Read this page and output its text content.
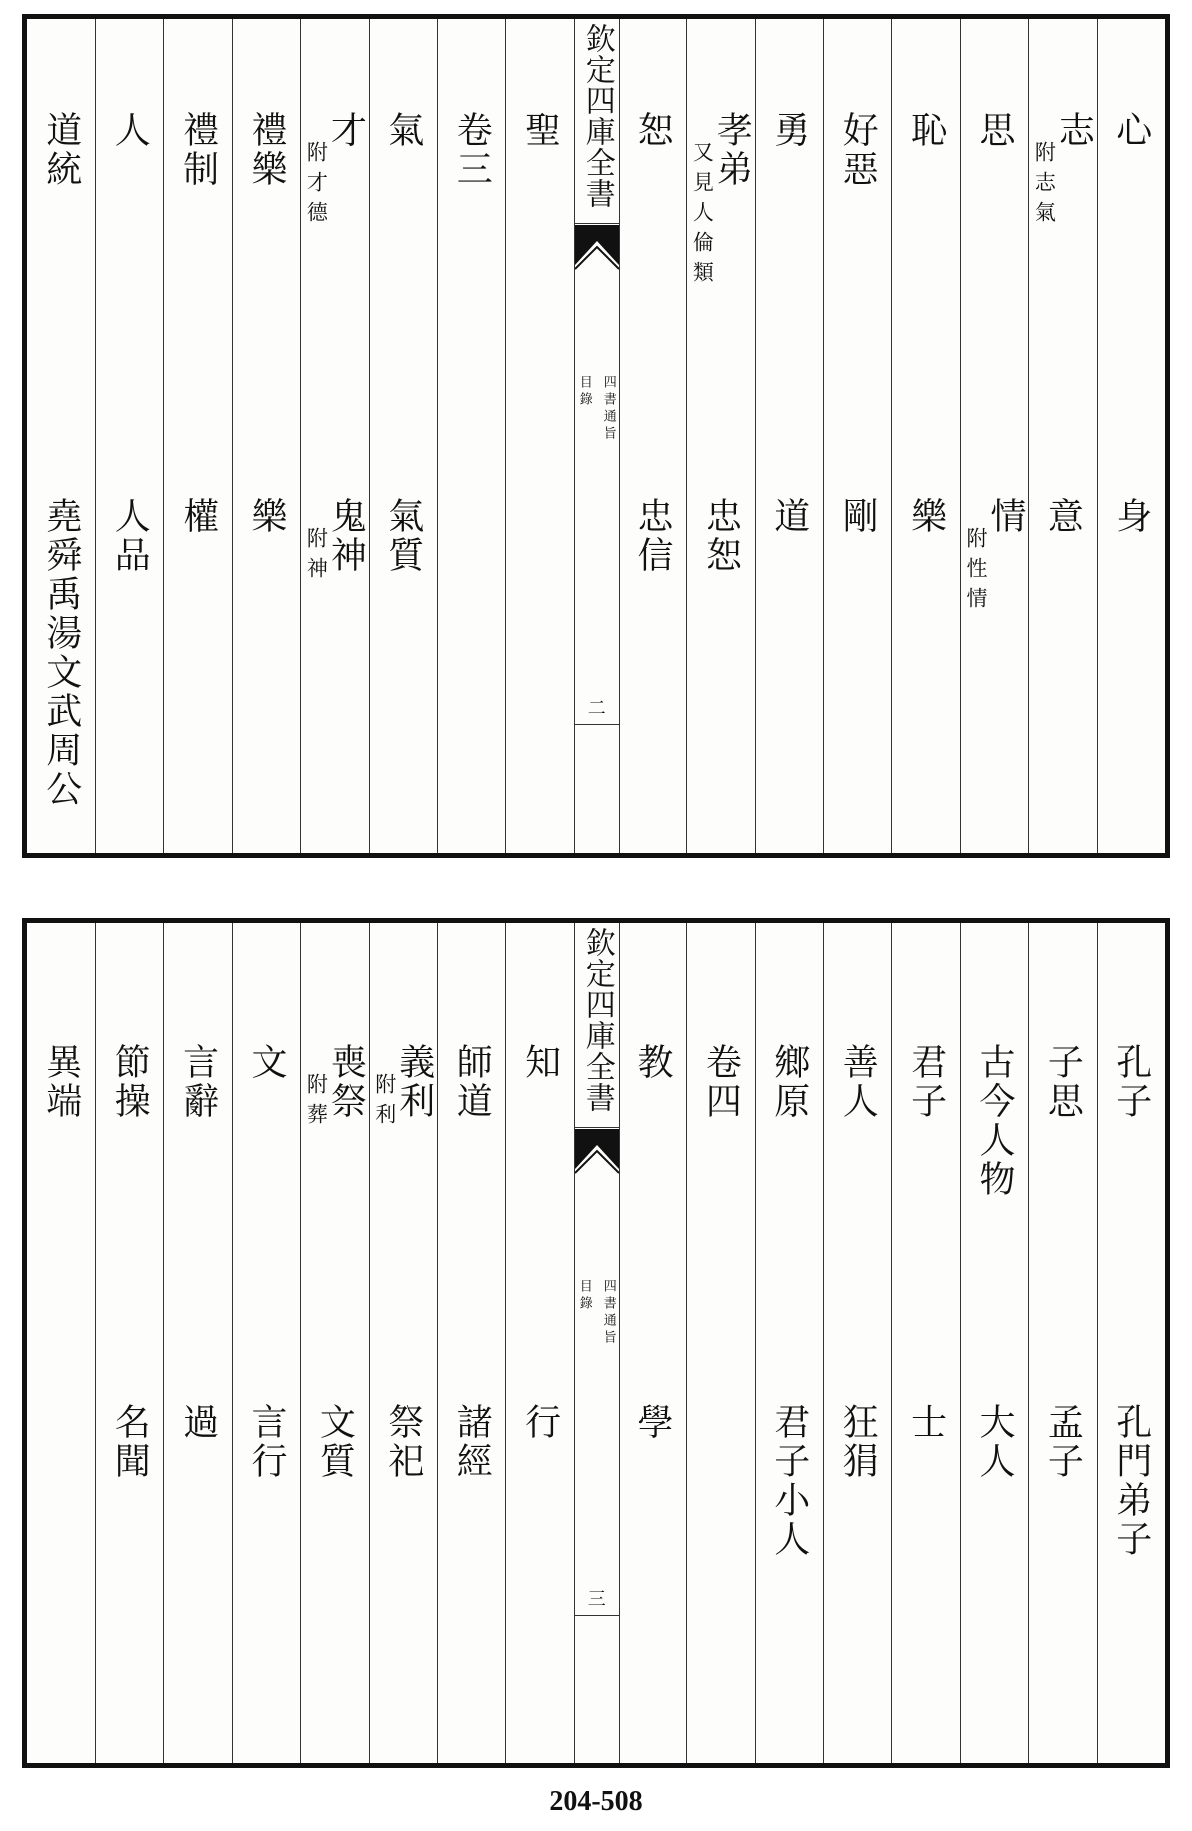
心
身
志
附志氣
意
思
情
附性情
恥
樂
好惡
剛
勇
道
孝弟
又見人倫類
忠恕
恕
忠信
聖
卷三
氣
氣質
才
附才德
鬼神
附神
禮樂
樂
禮制
權
人
人品
道統
堯舜禹湯文武周公
欽定四庫全書
四書通旨
目錄
二
孔子
孔門弟子
子思
孟子
古今人物
大人
君子
士
善人
狂狷
鄉原
君子小人
卷四
教
學
知
行
師道
諸經
義利
附利
祭祀
喪祭
附葬
文質
文
言行
言辭
過
節操
名聞
異端	欽定四庫全書
四書通旨
目錄
三
204-508
